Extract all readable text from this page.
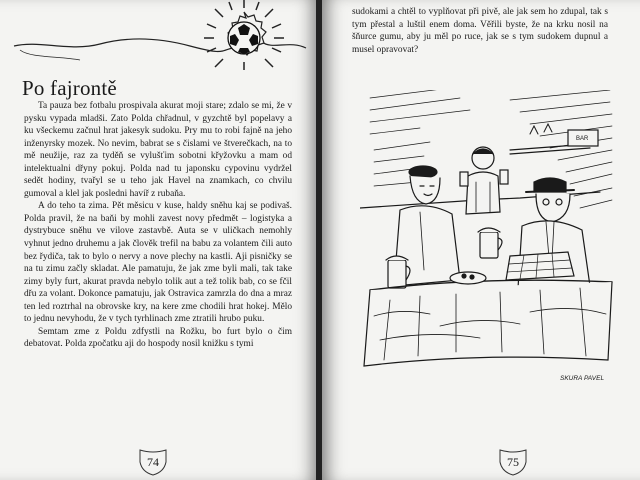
Po fajrontě

Ta pauza bez fotbalu prospivala akurat moji stare; zdalo se mi, že v pysku vypada mladši. Zato Polda chřadnul, v gyzchtě byl popelavy a ku všeckemu začnul hrat jakesyk sudoku. Pry mu to robi fajně na jeho inženyrsky mozek. No nevim, babrat se s čislami ve štverečkach, na to mě neužije, raz za tyděň se vylušťim sobotni křyžovku a mam od intelektualni dřyny pokuj. Polda nad tu japonsku cypovinu vydržel sedět hodiny, tvařyl se u teho jak Havel na znamkach, co chvilu gumoval a klel jak posledni havíř z rubaňa.

A do teho ta zima. Pět měsicu v kuse, haldy sněhu kaj se podivaš. Polda pravil, že na baňi by mohli zavest novy předmět – logistyka a dystrybuce sněhu ve vilove zastavbě. Auta se v uličkach nemohly vyhnut jedno druhemu a jak člověk trefil na babu za volantem čili auto bez řydiča, tak to bylo o nervy a nove plechy na kastli. Aji pisničky se na tu zimu začly skladat. Ale pamatuju, že jak zme byli mali, tak take zimy byly furt, akurat pravda nebylo tolik aut a tež tolik bab, co se fčil dřu za volant. Dokonce pamatuju, jak Ostravica zamrzla do dna a mraz ten led roztrhal na obrovske kry, na kere zme chodili hrat hokej. Mělo to jednu nevyhodu, že v tych tyrhlinach zme ztratili hrubo puku.

Semtam zme z Poldu zdfystli na Rožku, bo furt bylo o čim debatovat. Polda zpočatku aji do hospody nosil knižku s tymi

74

sudokami a chtěl to vyplňovat při pivě, ale jak sem ho zdupal, tak s tym přestal a luštil enem doma. Věřili byste, že na krku nosil na šňurce gumu, aby ju měl po ruce, jak se s tym sudokem dupnul a musel opravovat?

BAR
SKURA PAVEL
75
